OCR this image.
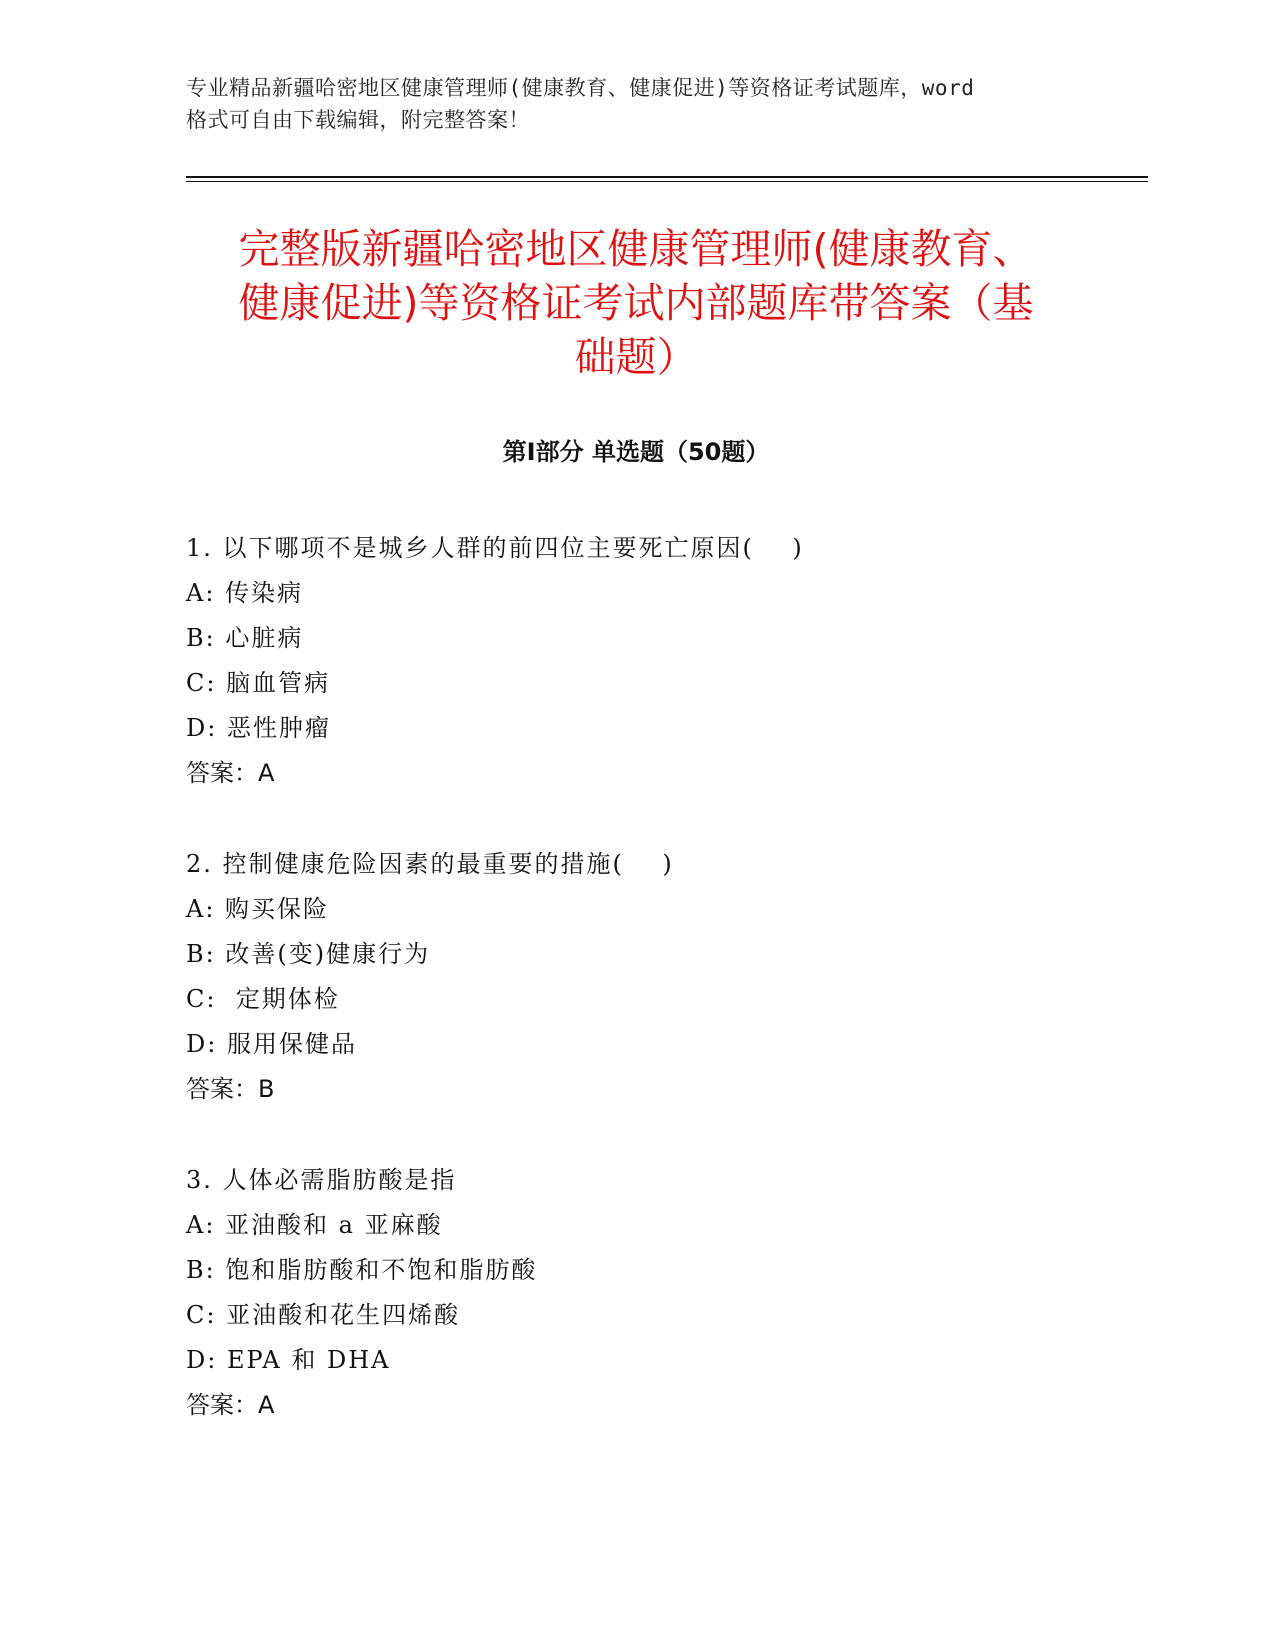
专业精品新疆哈密地区健康管理师(健康教育、健康促进)等资格证考试题库，word
格式可自由下载编辑，附完整答案！
完整版新疆哈密地区健康管理师(健康教育、
健康促进)等资格证考试内部题库带答案（基
础题）
第Ⅰ部分 单选题（50题）
1. 以下哪项不是城乡人群的前四位主要死亡原因(    )
A: 传染病
B: 心脏病
C: 脑血管病
D: 恶性肿瘤
答案：A
2. 控制健康危险因素的最重要的措施(    )
A: 购买保险
B: 改善(变)健康行为
C:  定期体检
D: 服用保健品
答案：B
3. 人体必需脂肪酸是指
A: 亚油酸和 a 亚麻酸
B: 饱和脂肪酸和不饱和脂肪酸
C: 亚油酸和花生四烯酸
D: EPA 和 DHA
答案：A
